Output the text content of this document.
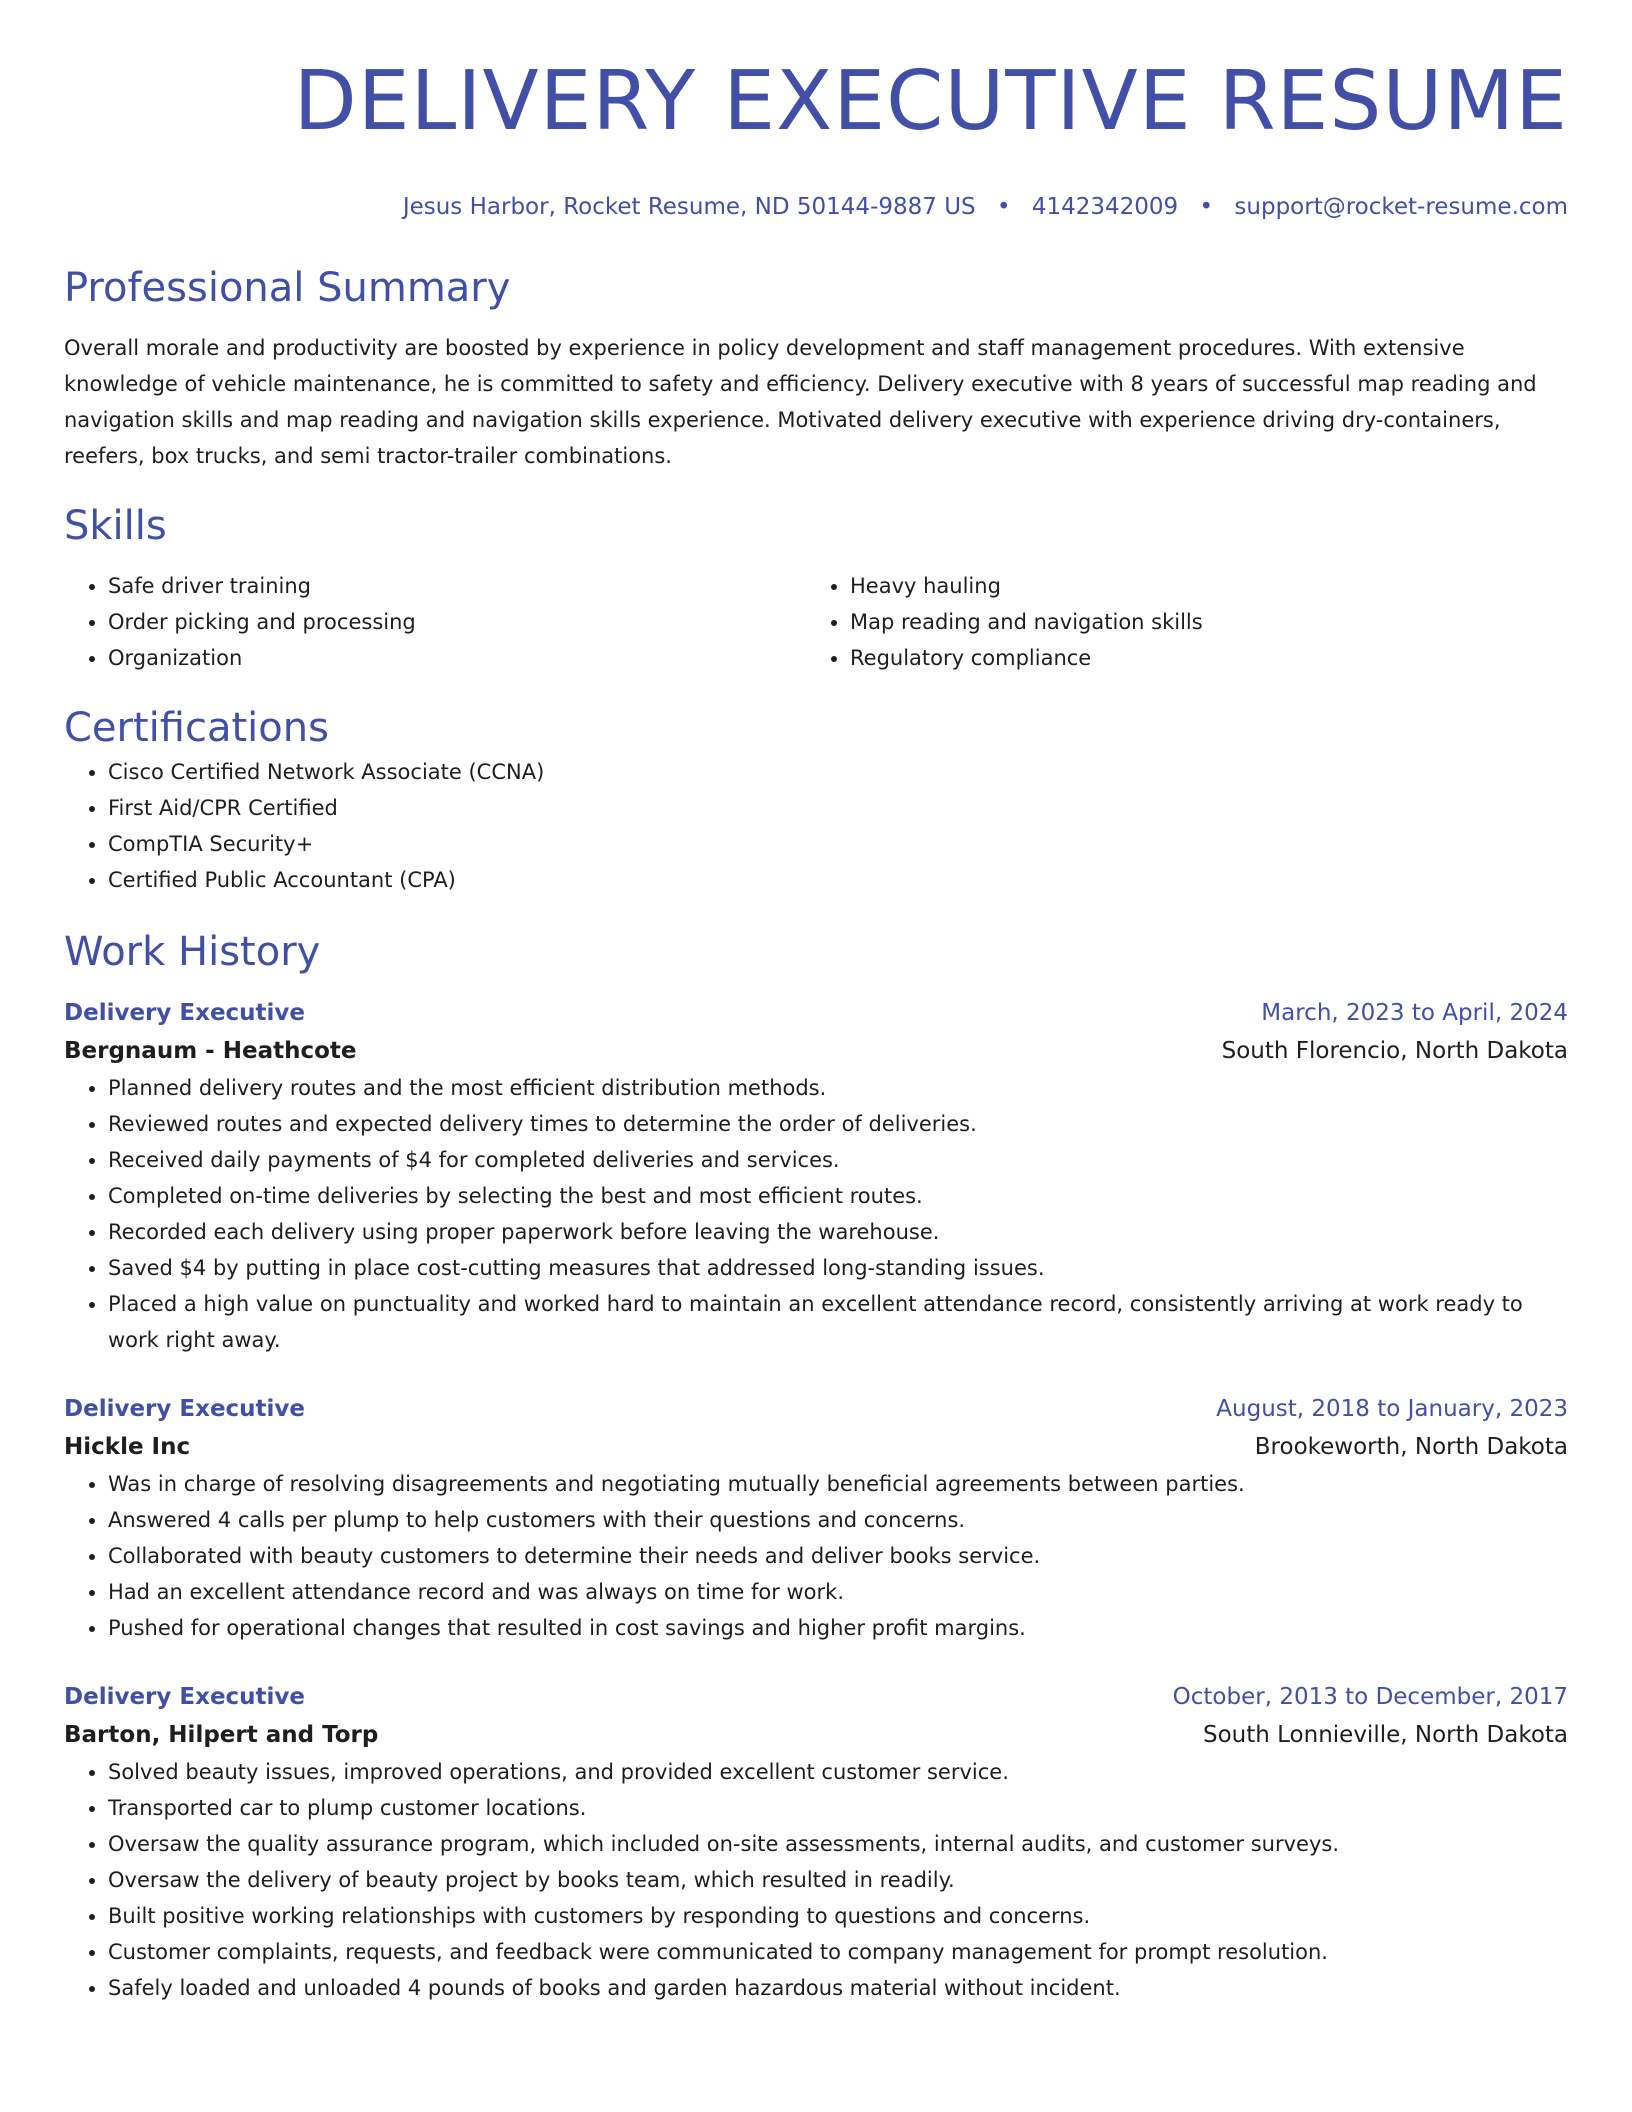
DELIVERY EXECUTIVE RESUME
Jesus Harbor, Rocket Resume, ND 50144-9887 US • 4142342009 • support@rocket-resume.com
Professional Summary

Overall morale and productivity are boosted by experience in policy development and staff management procedures. With extensive knowledge of vehicle maintenance, he is committed to safety and efficiency. Delivery executive with 8 years of successful map reading and navigation skills and map reading and navigation skills experience. Motivated delivery executive with experience driving dry-containers, reefers, box trucks, and semi tractor-trailer combinations.

Skills
• Safe driver training
• Order picking and processing
• Organization
• Heavy hauling
• Map reading and navigation skills
• Regulatory compliance
Certifications
• Cisco Certified Network Associate (CCNA)
• First Aid/CPR Certified
• CompTIA Security+
• Certified Public Accountant (CPA)
Work History
Delivery Executive	March, 2023 to April, 2024
Bergnaum - Heathcote	South Florencio, North Dakota
• Planned delivery routes and the most efficient distribution methods.
• Reviewed routes and expected delivery times to determine the order of deliveries.
• Received daily payments of $4 for completed deliveries and services.
• Completed on-time deliveries by selecting the best and most efficient routes.
• Recorded each delivery using proper paperwork before leaving the warehouse.
• Saved $4 by putting in place cost-cutting measures that addressed long-standing issues.
• Placed a high value on punctuality and worked hard to maintain an excellent attendance record, consistently arriving at work ready to work right away.
Delivery Executive	August, 2018 to January, 2023
Hickle Inc	Brookeworth, North Dakota
• Was in charge of resolving disagreements and negotiating mutually beneficial agreements between parties.
• Answered 4 calls per plump to help customers with their questions and concerns.
• Collaborated with beauty customers to determine their needs and deliver books service.
• Had an excellent attendance record and was always on time for work.
• Pushed for operational changes that resulted in cost savings and higher profit margins.
Delivery Executive	October, 2013 to December, 2017
Barton, Hilpert and Torp	South Lonnieville, North Dakota
• Solved beauty issues, improved operations, and provided excellent customer service.
• Transported car to plump customer locations.
• Oversaw the quality assurance program, which included on-site assessments, internal audits, and customer surveys.
• Oversaw the delivery of beauty project by books team, which resulted in readily.
• Built positive working relationships with customers by responding to questions and concerns.
• Customer complaints, requests, and feedback were communicated to company management for prompt resolution.
• Safely loaded and unloaded 4 pounds of books and garden hazardous material without incident.
